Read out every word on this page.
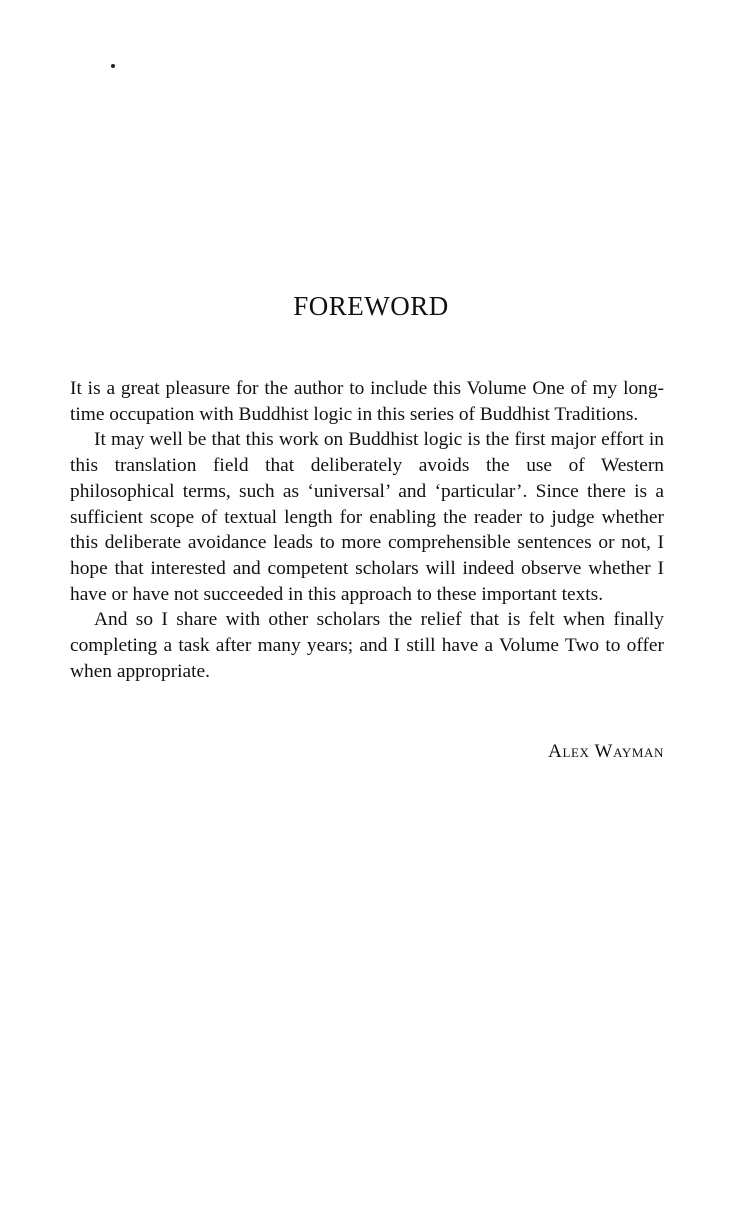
FOREWORD

It is a great pleasure for the author to include this Volume One of my long-time occupation with Buddhist logic in this series of Buddhist Traditions.

It may well be that this work on Buddhist logic is the first major effort in this translation field that deliberately avoids the use of Western philosophical terms, such as ‘universal’ and ‘particular’. Since there is a sufficient scope of textual length for enabling the reader to judge whether this deliberate avoidance leads to more comprehensible sentences or not, I hope that interested and competent scholars will indeed observe whether I have or have not succeeded in this approach to these important texts.

And so I share with other scholars the relief that is felt when finally completing a task after many years; and I still have a Volume Two to offer when appropriate.

Alex Wayman
